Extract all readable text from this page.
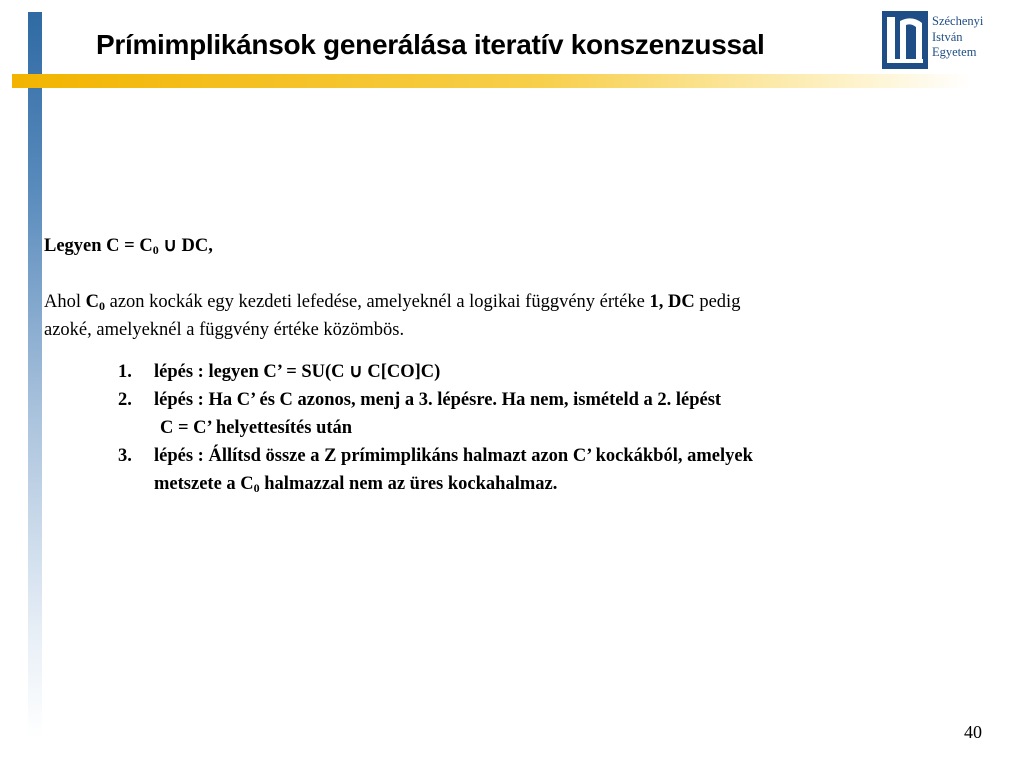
Prímimplikánsok generálása iteratív konszenzussal
Széchenyi
István
Egyetem
Legyen $C = C_0$ ∪ DC,
Ahol $C_0$ azon kockák egy kezdeti lefedése, amelyeknél a logikai függvény értéke 1, DC pedig
azoké, amelyeknél a függvény értéke közömbös.
1.	lépés : legyen C’ = SU(C ∪ C[CO]C)
2.	lépés : Ha C’ és C azonos, menj a 3. lépésre. Ha nem, ismételd a 2. lépést
C = C’ helyettesítés után
3.	lépés : Állítsd össze a Z prímimplikáns halmazt azon C’ kockákból, amelyek
metszete a $C_0$ halmazzal nem az üres kockahalmaz.
40
